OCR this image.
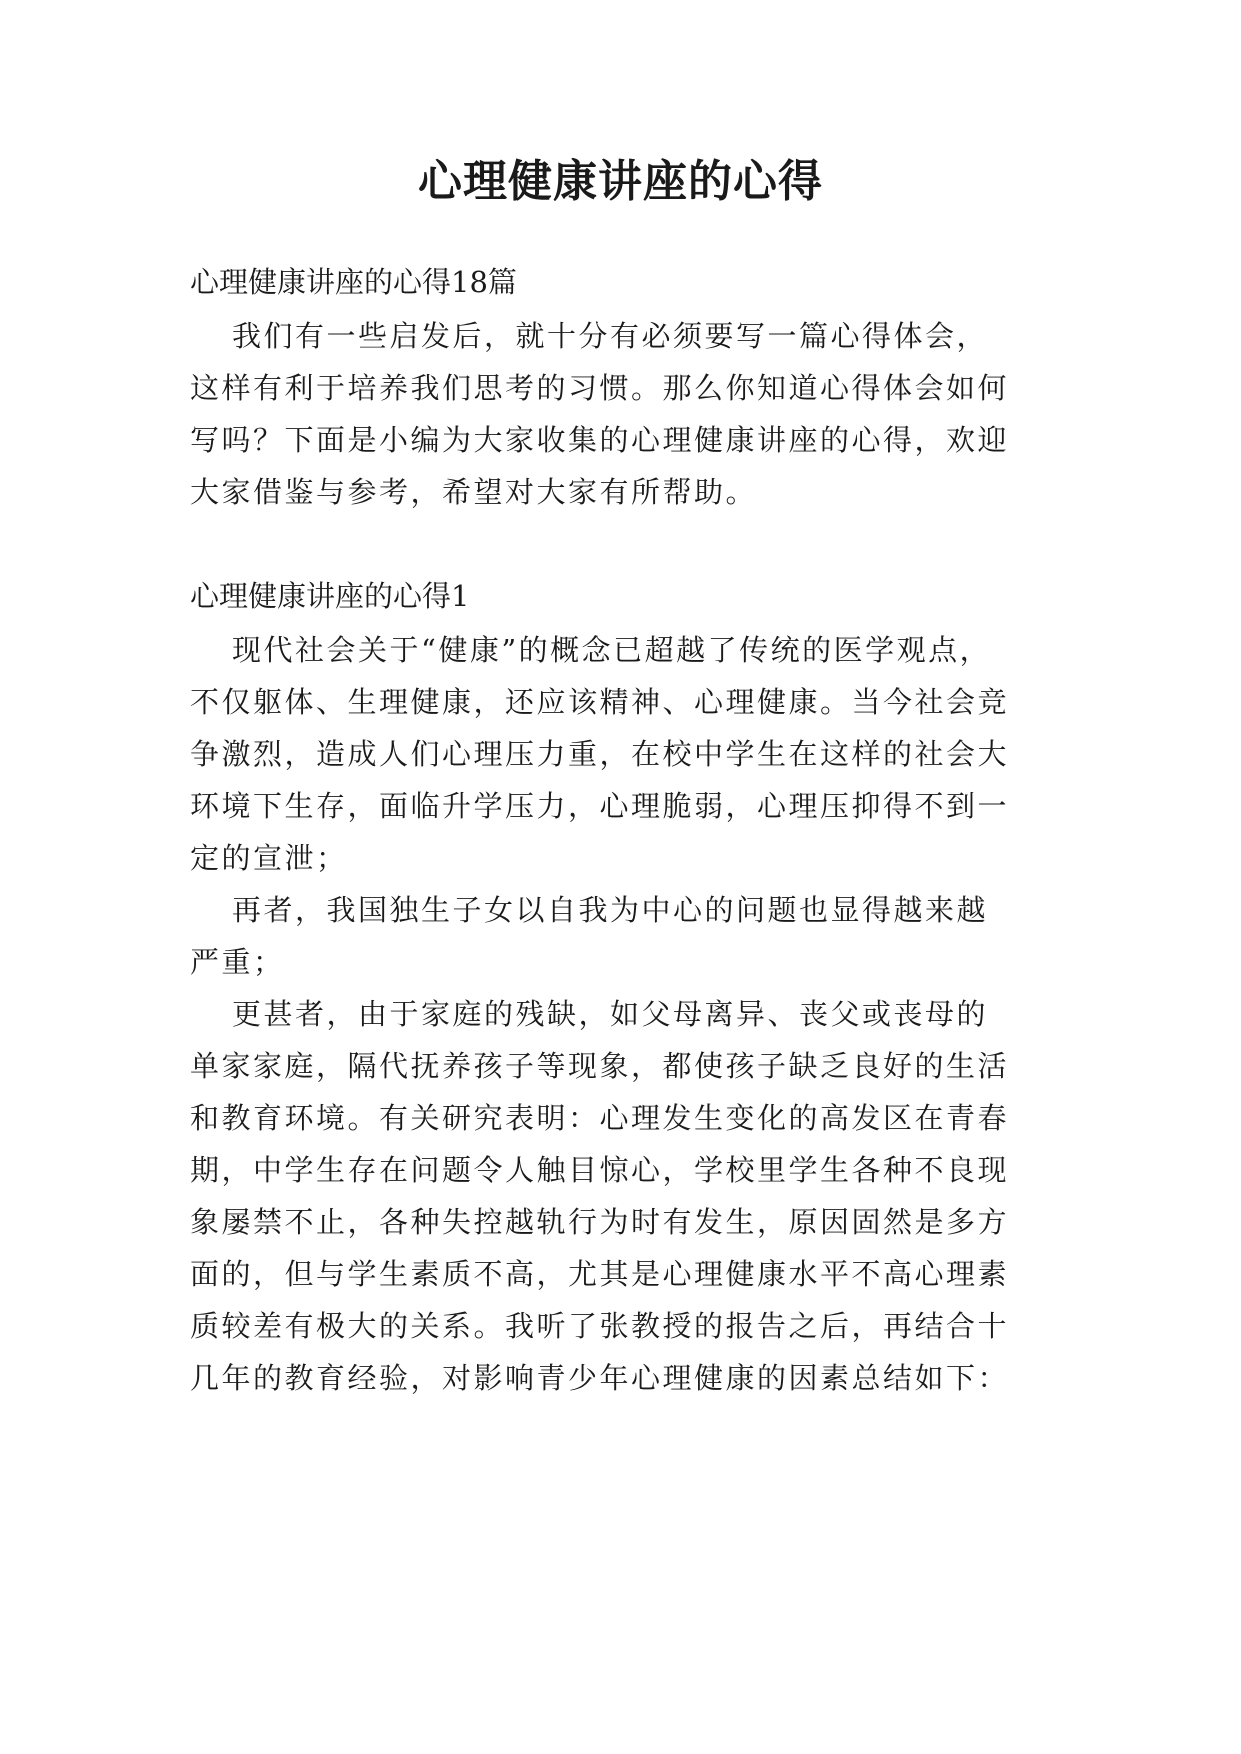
心理健康讲座的心得

心理健康讲座的心得18篇

我们有一些启发后，就十分有必须要写一篇心得体会，

这样有利于培养我们思考的习惯。那么你知道心得体会如何

写吗？下面是小编为大家收集的心理健康讲座的心得，欢迎

大家借鉴与参考，希望对大家有所帮助。

心理健康讲座的心得1

现代社会关于“健康”的概念已超越了传统的医学观点，

不仅躯体、生理健康，还应该精神、心理健康。当今社会竞

争激烈，造成人们心理压力重，在校中学生在这样的社会大

环境下生存，面临升学压力，心理脆弱，心理压抑得不到一

定的宣泄；

再者，我国独生子女以自我为中心的问题也显得越来越

严重；

更甚者，由于家庭的残缺，如父母离异、丧父或丧母的

单家家庭，隔代抚养孩子等现象，都使孩子缺乏良好的生活

和教育环境。有关研究表明：心理发生变化的高发区在青春

期，中学生存在问题令人触目惊心，学校里学生各种不良现

象屡禁不止，各种失控越轨行为时有发生，原因固然是多方

面的，但与学生素质不高，尤其是心理健康水平不高心理素

质较差有极大的关系。我听了张教授的报告之后，再结合十

几年的教育经验，对影响青少年心理健康的因素总结如下：
